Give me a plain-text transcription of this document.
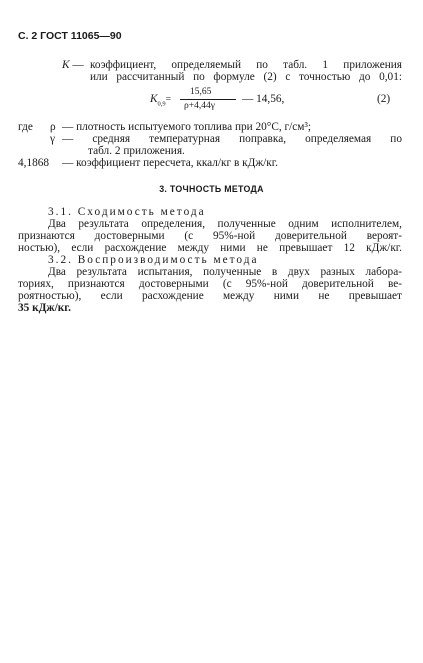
С. 2 ГОСТ 11065—90
K — коэффициент, определяемый по табл. 1 приложения
или рассчитанный по формуле (2) с точностью до 0,01:
$K_{0,9}=$
15,65
ρ+4,44γ
— 14,56,	(2)
где ρ — плотность испытуемого топлива при 20°С, г/см³;
γ — средняя температурная поправка, определяемая по
табл. 2 приложения.
4,1868 — коэффициент пересчета, ккал/кг в кДж/кг.
3. ТОЧНОСТЬ МЕТОДА
3.1. Сходимость метода
Два результата определения, полученные одним исполнителем,
признаются достоверными (с 95%-ной доверительной вероят-
ностью), если расхождение между ними не превышает 12 кДж/кг.
3.2. Воспроизводимость метода
Два результата испытания, полученные в двух разных лабора-
ториях, признаются достоверными (с 95%-ной доверительной ве-
роятностью), если расхождение между ними не превышает
35 кДж/кг.
